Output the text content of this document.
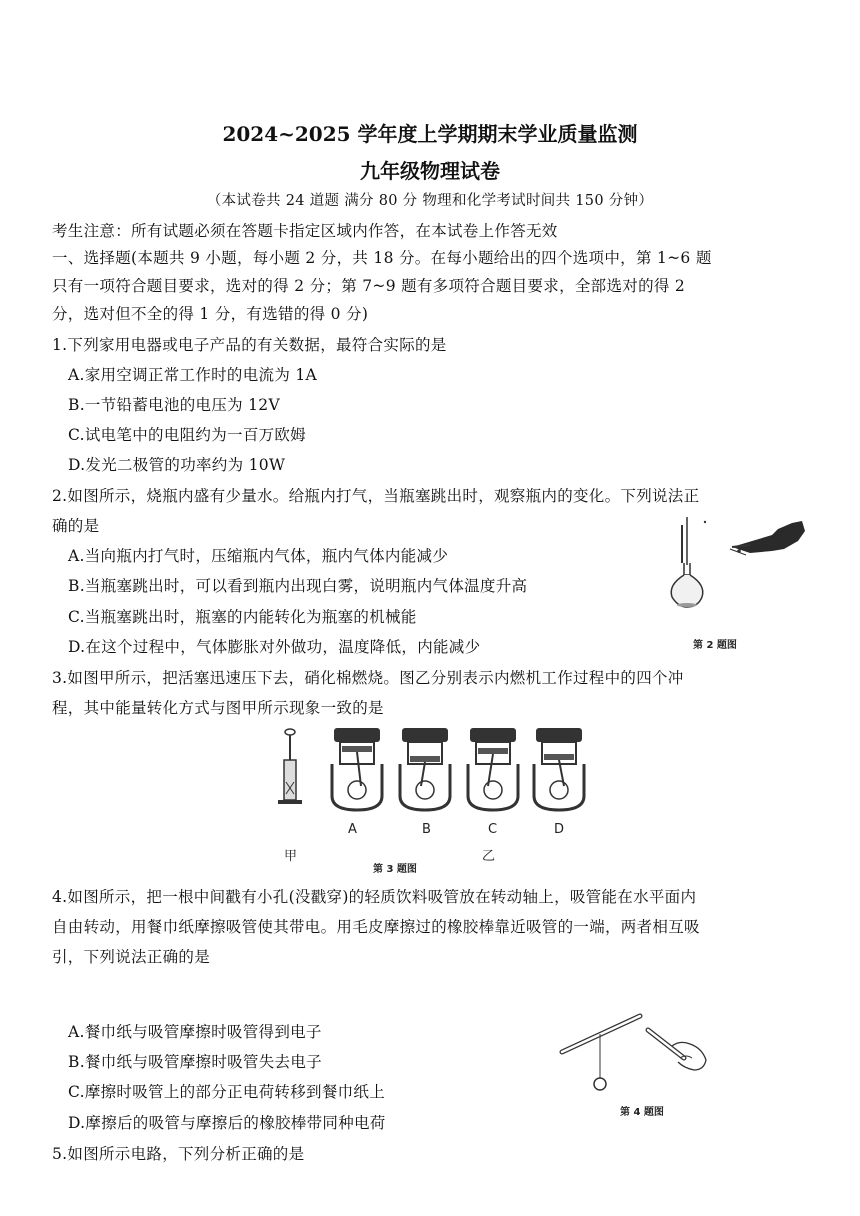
2024~2025 学年度上学期期末学业质量监测
九年级物理试卷
（本试卷共 24 道题 满分 80 分 物理和化学考试时间共 150 分钟）
考生注意：所有试题必须在答题卡指定区域内作答，在本试卷上作答无效
一、选择题(本题共 9 小题，每小题 2 分，共 18 分。在每小题给出的四个选项中，第 1~6 题
只有一项符合题目要求，选对的得 2 分；第 7~9 题有多项符合题目要求，全部选对的得 2
分，选对但不全的得 1 分，有选错的得 0 分)
1.下列家用电器或电子产品的有关数据，最符合实际的是
A.家用空调正常工作时的电流为 1A
B.一节铅蓄电池的电压为 12V
C.试电笔中的电阻约为一百万欧姆
D.发光二极管的功率约为 10W
2.如图所示，烧瓶内盛有少量水。给瓶内打气，当瓶塞跳出时，观察瓶内的变化。下列说法正
确的是
A.当向瓶内打气时，压缩瓶内气体，瓶内气体内能减少
B.当瓶塞跳出时，可以看到瓶内出现白雾，说明瓶内气体温度升高
C.当瓶塞跳出时，瓶塞的内能转化为瓶塞的机械能
D.在这个过程中，气体膨胀对外做功，温度降低，内能减少	第 2 题图
3.如图甲所示，把活塞迅速压下去，硝化棉燃烧。图乙分别表示内燃机工作过程中的四个冲
程，其中能量转化方式与图甲所示现象一致的是
A	B	C	D
甲	乙
第 3 题图
4.如图所示，把一根中间戳有小孔(没戳穿)的轻质饮料吸管放在转动轴上，吸管能在水平面内
自由转动，用餐巾纸摩擦吸管使其带电。用毛皮摩擦过的橡胶棒靠近吸管的一端，两者相互吸
引，下列说法正确的是
A.餐巾纸与吸管摩擦时吸管得到电子
B.餐巾纸与吸管摩擦时吸管失去电子
C.摩擦时吸管上的部分正电荷转移到餐巾纸上
D.摩擦后的吸管与摩擦后的橡胶棒带同种电荷
第 4 题图
5.如图所示电路，下列分析正确的是
